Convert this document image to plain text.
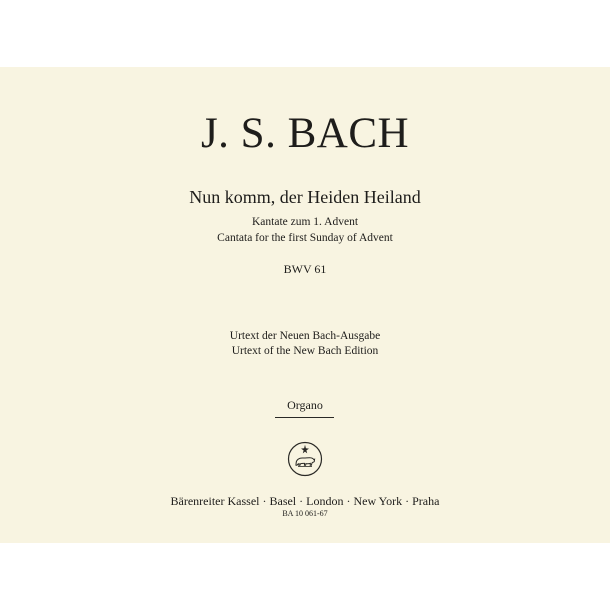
J. S. BACH
Nun komm, der Heiden Heiland
Kantate zum 1. Advent
Cantata for the first Sunday of Advent
BWV 61
Urtext der Neuen Bach-Ausgabe
Urtext of the New Bach Edition
Organo
Bärenreiter Kassel · Basel · London · New York · Praha
BA 10 061-67
